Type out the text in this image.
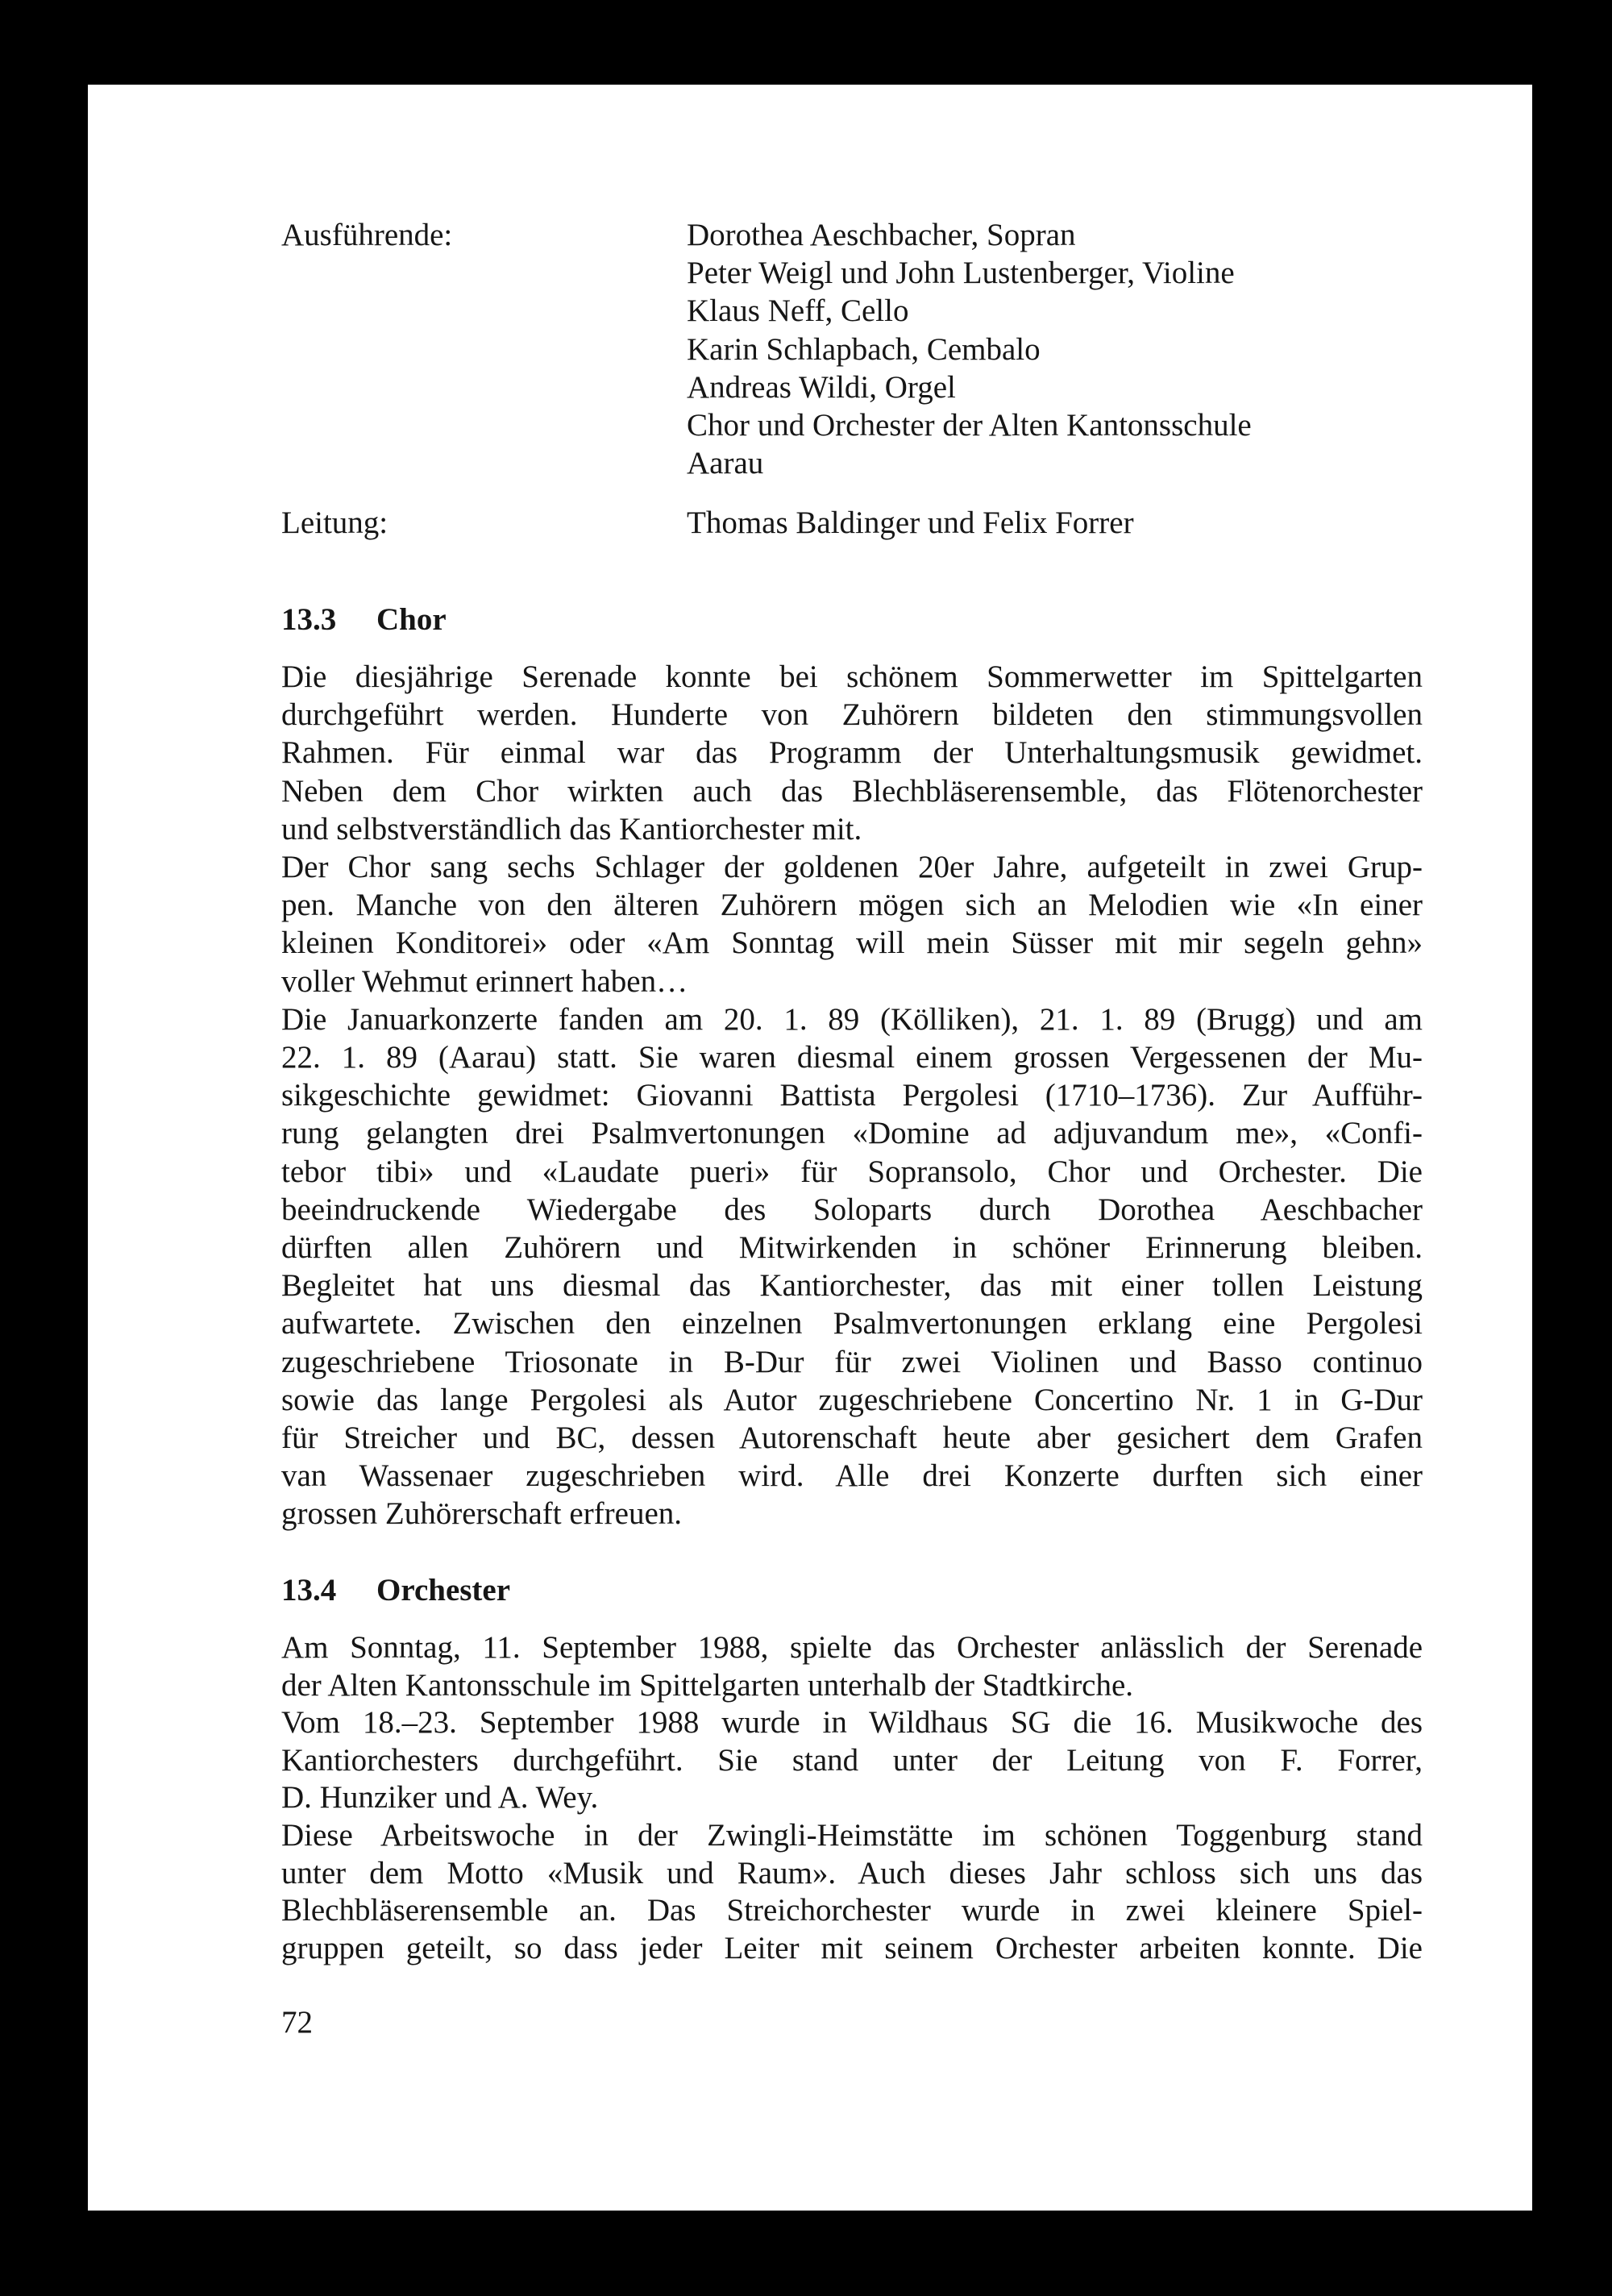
Ausführende:	Dorothea Aeschbacher, Sopran
Peter Weigl und John Lustenberger, Violine
Klaus Neff, Cello
Karin Schlapbach, Cembalo
Andreas Wildi, Orgel
Chor und Orchester der Alten Kantonsschule
Aarau
Leitung:	Thomas Baldinger und Felix Forrer
13.3 Chor
Die diesjährige Serenade konnte bei schönem Sommerwetter im Spittelgarten
durchgeführt werden. Hunderte von Zuhörern bildeten den stimmungsvollen
Rahmen. Für einmal war das Programm der Unterhaltungsmusik gewidmet.
Neben dem Chor wirkten auch das Blechbläserensemble, das Flötenorchester
und selbstverständlich das Kantiorchester mit.
Der Chor sang sechs Schlager der goldenen 20er Jahre, aufgeteilt in zwei Grup-
pen. Manche von den älteren Zuhörern mögen sich an Melodien wie «In einer
kleinen Konditorei» oder «Am Sonntag will mein Süsser mit mir segeln gehn»
voller Wehmut erinnert haben…
Die Januarkonzerte fanden am 20. 1. 89 (Kölliken), 21. 1. 89 (Brugg) und am
22. 1. 89 (Aarau) statt. Sie waren diesmal einem grossen Vergessenen der Mu-
sikgeschichte gewidmet: Giovanni Battista Pergolesi (1710–1736). Zur Aufführ-
rung gelangten drei Psalmvertonungen «Domine ad adjuvandum me», «Confi-
tebor tibi» und «Laudate pueri» für Sopransolo, Chor und Orchester. Die
beeindruckende Wiedergabe des Soloparts durch Dorothea Aeschbacher
dürften allen Zuhörern und Mitwirkenden in schöner Erinnerung bleiben.
Begleitet hat uns diesmal das Kantiorchester, das mit einer tollen Leistung
aufwartete. Zwischen den einzelnen Psalmvertonungen erklang eine Pergolesi
zugeschriebene Triosonate in B-Dur für zwei Violinen und Basso continuo
sowie das lange Pergolesi als Autor zugeschriebene Concertino Nr. 1 in G-Dur
für Streicher und BC, dessen Autorenschaft heute aber gesichert dem Grafen
van Wassenaer zugeschrieben wird. Alle drei Konzerte durften sich einer
grossen Zuhörerschaft erfreuen.
13.4 Orchester
Am Sonntag, 11. September 1988, spielte das Orchester anlässlich der Serenade
der Alten Kantonsschule im Spittelgarten unterhalb der Stadtkirche.
Vom 18.–23. September 1988 wurde in Wildhaus SG die 16. Musikwoche des
Kantiorchesters durchgeführt. Sie stand unter der Leitung von F. Forrer,
D. Hunziker und A. Wey.
Diese Arbeitswoche in der Zwingli-Heimstätte im schönen Toggenburg stand
unter dem Motto «Musik und Raum». Auch dieses Jahr schloss sich uns das
Blechbläserensemble an. Das Streichorchester wurde in zwei kleinere Spiel-
gruppen geteilt, so dass jeder Leiter mit seinem Orchester arbeiten konnte. Die
72
